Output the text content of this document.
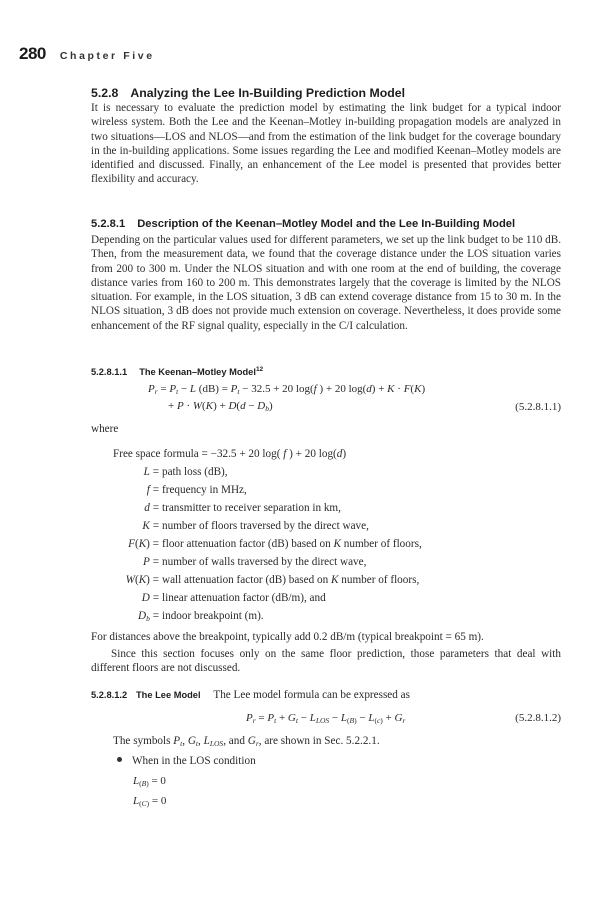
280 Chapter Five
5.2.8 Analyzing the Lee In-Building Prediction Model
It is necessary to evaluate the prediction model by estimating the link budget for a typical indoor wireless system. Both the Lee and the Keenan–Motley in-building propagation models are analyzed in two situations—LOS and NLOS—and from the estimation of the link budget for the coverage boundary in the in-building applications. Some issues regarding the Lee and modified Keenan–Motley models are identified and discussed. Finally, an enhancement of the Lee model is presented that provides better flexibility and accuracy.
5.2.8.1 Description of the Keenan–Motley Model and the Lee In-Building Model
Depending on the particular values used for different parameters, we set up the link budget to be 110 dB. Then, from the measurement data, we found that the coverage distance under the LOS situation varies from 200 to 300 m. Under the NLOS situation and with one room at the end of building, the coverage distance varies from 160 to 200 m. This demonstrates largely that the coverage is limited by the NLOS situation. For example, in the LOS situation, 3 dB can extend coverage distance from 15 to 30 m. In the NLOS situation, 3 dB does not provide much extension on coverage. Nevertheless, it does provide some enhancement of the RF signal quality, especially in the C/I calculation.
5.2.8.1.1 The Keenan–Motley Model$^{12}$
$P_r = P_t - L$ $(dB) = P_t - 32.5 + 20$ log(f ) + 20 log(d) + K · F(K)
+ $P \cdot W(K) + D(d - D_b)$	(5.2.8.1.1)
where
Free space formula = −32.5 + 20 log( f ) + 20 log(d)
L = path loss (dB),
f = frequency in MHz,
d = transmitter to receiver separation in km,
K = number of floors traversed by the direct wave,
F(K) = floor attenuation factor (dB) based on K number of floors,
P = number of walls traversed by the direct wave,
W(K) = wall attenuation factor (dB) based on K number of floors,
D = linear attenuation factor (dB/m), and
$D_b$ = indoor breakpoint (m).
For distances above the breakpoint, typically add 0.2 dB/m (typical breakpoint = 65 m).
Since this section focuses only on the same floor prediction, those parameters that deal with different floors are not discussed.
5.2.8.1.2 The Lee Model The Lee model formula can be expressed as
$P_r = P_t + G_t - L_{LOS} - L_{(B)} - L_{(c)} + G_r$	(5.2.8.1.2)
The symbols $P_t$, $G_t$, $L_{LOS}$, and $G_r$, are shown in Sec. 5.2.2.1.
When in the LOS condition
$L_{(B)} = 0$
$L_{(C)} = 0$
